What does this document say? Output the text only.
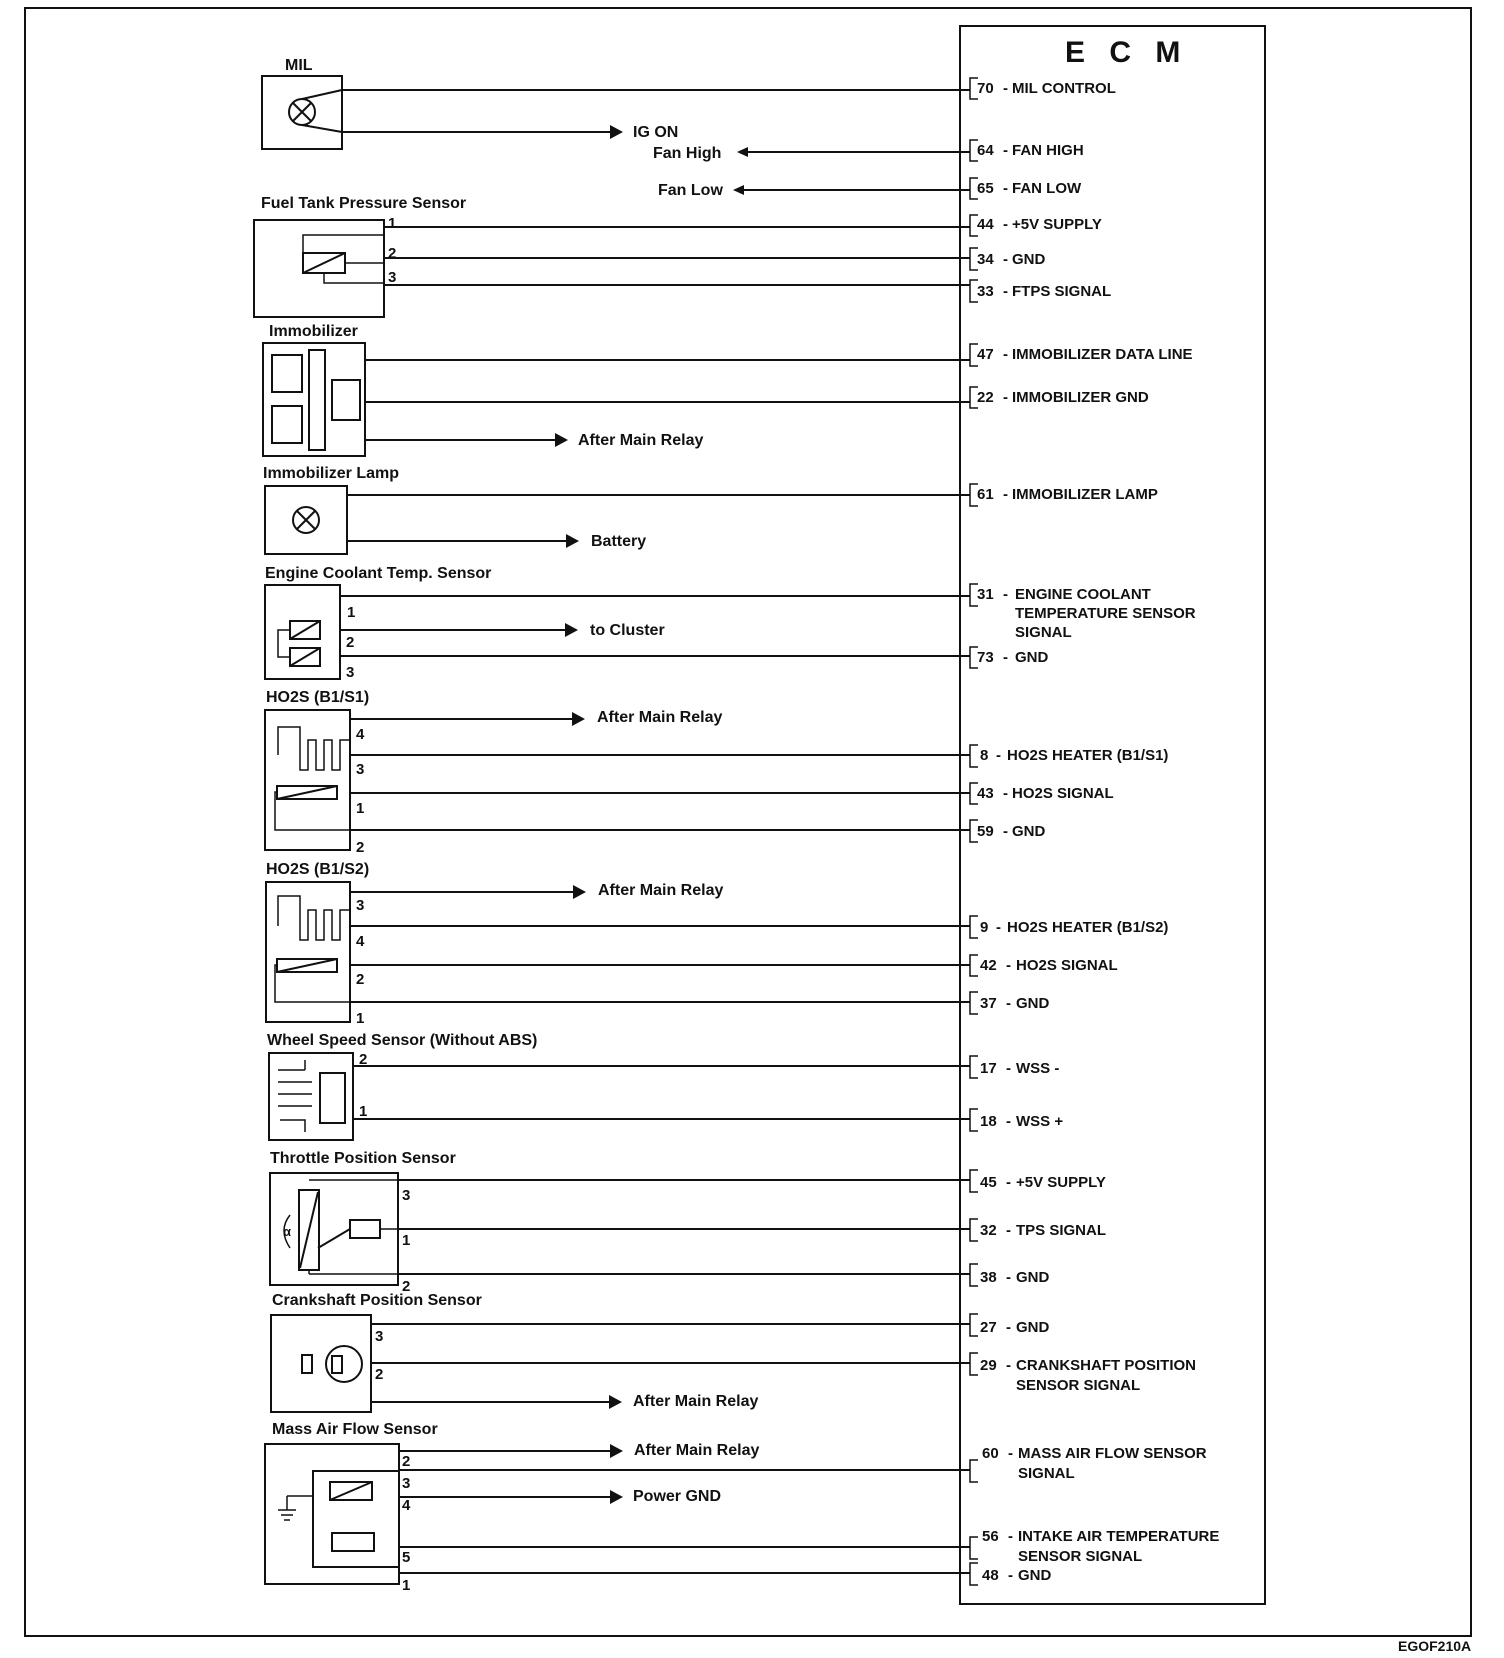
E C M
MIL
IG ON
Fan High
Fan Low
Fuel Tank Pressure Sensor
1
2
3
Immobilizer
After Main Relay
Immobilizer Lamp
Battery
Engine Coolant Temp. Sensor
1
2
3
to Cluster
HO2S (B1/S1)
4
3
1
2
After Main Relay
HO2S (B1/S2)
3
4
2
1
After Main Relay
Wheel Speed Sensor (Without ABS)
2
1
Throttle Position Sensor
α
3
1
2
Crankshaft Position Sensor
3
2
After Main Relay
Mass Air Flow Sensor
2
3
4
5
1
After Main Relay
Power GND
70 - MIL CONTROL
64 - FAN HIGH
65 - FAN LOW
44 - +5V SUPPLY
34 - GND
33 - FTPS SIGNAL
47 - IMMOBILIZER DATA LINE
22 - IMMOBILIZER GND
61 - IMMOBILIZER LAMP
31 - ENGINE COOLANT
TEMPERATURE SENSOR
SIGNAL
73 - GND
8 - HO2S HEATER (B1/S1)
43 - HO2S SIGNAL
59 - GND
9 - HO2S HEATER (B1/S2)
42 - HO2S SIGNAL
37 - GND
17 - WSS -
18 - WSS +
45 - +5V SUPPLY
32 - TPS SIGNAL
38 - GND
27 - GND
29 - CRANKSHAFT POSITION
SENSOR SIGNAL
60 - MASS AIR FLOW SENSOR
SIGNAL
56 - INTAKE AIR TEMPERATURE
SENSOR SIGNAL
48 - GND
EGOF210A
